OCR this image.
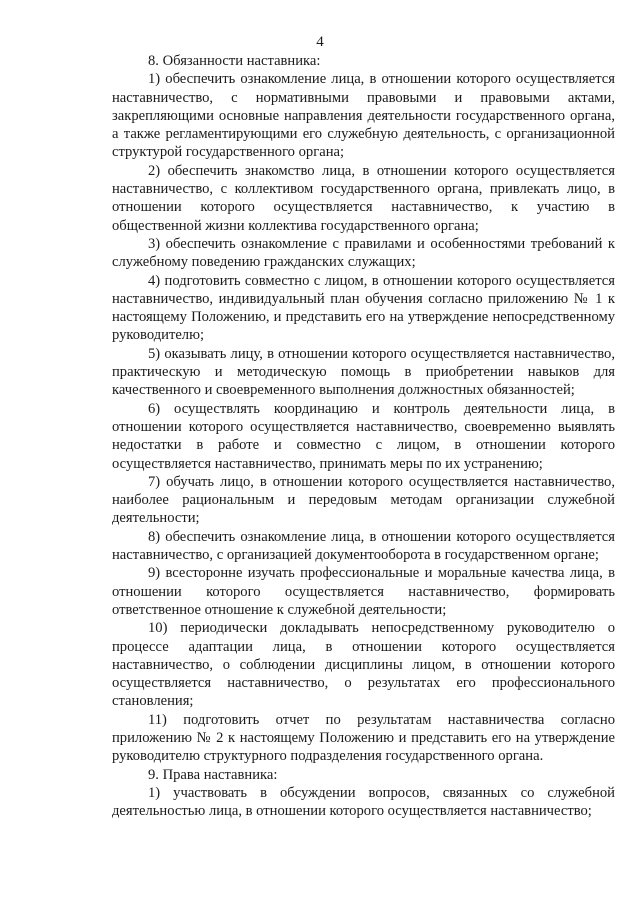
4

8. Обязанности наставника:

1) обеспечить ознакомление лица, в отношении которого осуществляется наставничество, с нормативными правовыми и правовыми актами, закрепляющими основные направления деятельности государственного органа, а также регламентирующими его служебную деятельность, с организационной структурой государственного органа;

2) обеспечить знакомство лица, в отношении которого осуществляется наставничество, с коллективом государственного органа, привлекать лицо, в отношении которого осуществляется наставничество, к участию в общественной жизни коллектива государственного органа;

3) обеспечить ознакомление с правилами и особенностями требований к служебному поведению гражданских служащих;

4) подготовить совместно с лицом, в отношении которого осуществляется наставничество, индивидуальный план обучения согласно приложению № 1 к настоящему Положению, и представить его на утверждение непосредственному руководителю;

5) оказывать лицу, в отношении которого осуществляется наставничество, практическую и методическую помощь в приобретении навыков для качественного и своевременного выполнения должностных обязанностей;

6) осуществлять координацию и контроль деятельности лица, в отношении которого осуществляется наставничество, своевременно выявлять недостатки в работе и совместно с лицом, в отношении которого осуществляется наставничество, принимать меры по их устранению;

7) обучать лицо, в отношении которого осуществляется наставничество, наиболее рациональным и передовым методам организации служебной деятельности;

8) обеспечить ознакомление лица, в отношении которого осуществляется наставничество, с организацией документооборота в государственном органе;

9) всесторонне изучать профессиональные и моральные качества лица, в отношении которого осуществляется наставничество, формировать ответственное отношение к служебной деятельности;

10) периодически докладывать непосредственному руководителю о процессе адаптации лица, в отношении которого осуществляется наставничество, о соблюдении дисциплины лицом, в отношении которого осуществляется наставничество, о результатах его профессионального становления;

11) подготовить отчет по результатам наставничества согласно приложению № 2 к настоящему Положению и представить его на утверждение руководителю структурного подразделения государственного органа.

9. Права наставника:

1) участвовать в обсуждении вопросов, связанных со служебной деятельностью лица, в отношении которого осуществляется наставничество;
